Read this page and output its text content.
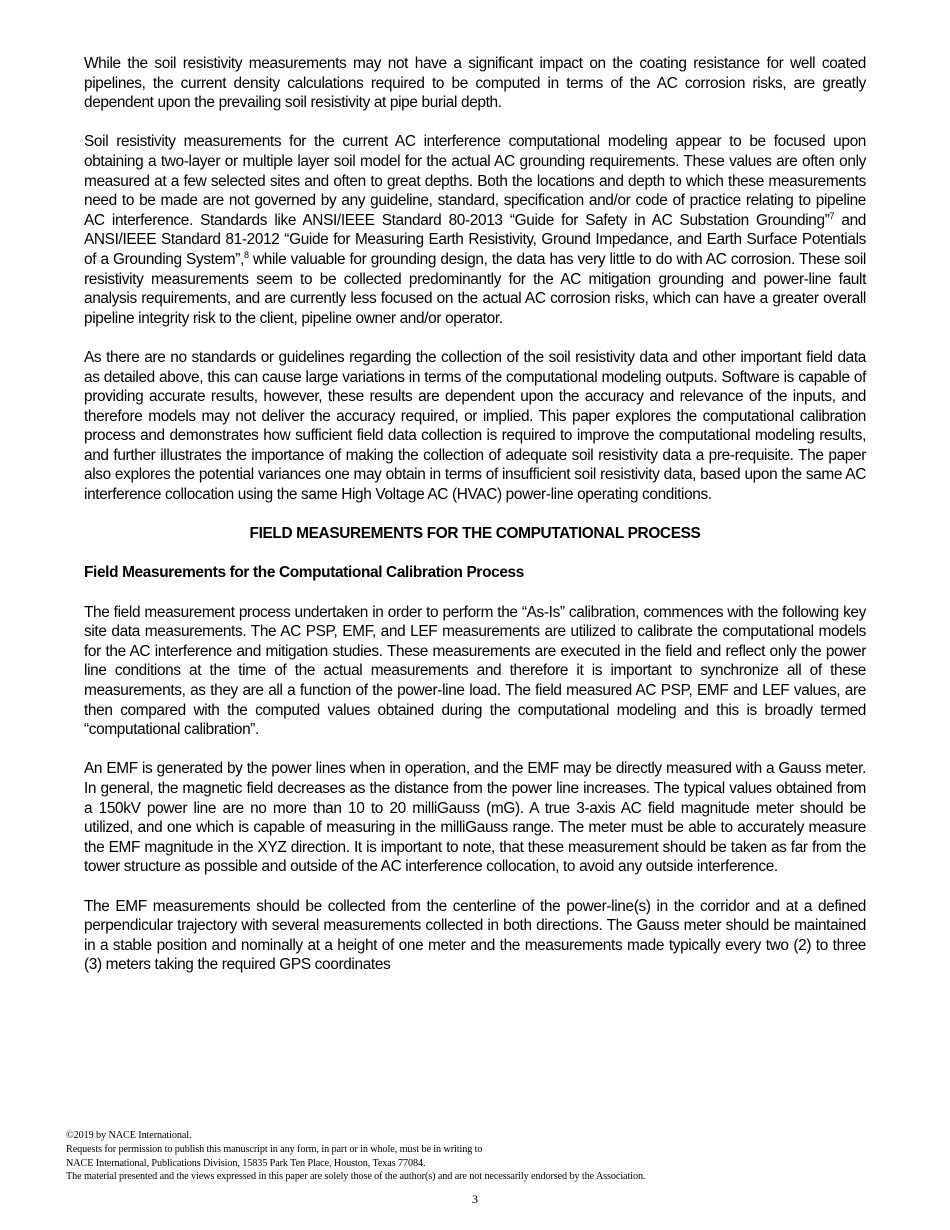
While the soil resistivity measurements may not have a significant impact on the coating resistance for well coated pipelines, the current density calculations required to be computed in terms of the AC corrosion risks, are greatly dependent upon the prevailing soil resistivity at pipe burial depth.

Soil resistivity measurements for the current AC interference computational modeling appear to be focused upon obtaining a two-layer or multiple layer soil model for the actual AC grounding requirements. These values are often only measured at a few selected sites and often to great depths. Both the locations and depth to which these measurements need to be made are not governed by any guideline, standard, specification and/or code of practice relating to pipeline AC interference. Standards like ANSI/IEEE Standard 80-2013 “Guide for Safety in AC Substation Grounding”$^7$ and ANSI/IEEE Standard 81-2012 “Guide for Measuring Earth Resistivity, Ground Impedance, and Earth Surface Potentials of a Grounding System”,$^8$ while valuable for grounding design, the data has very little to do with AC corrosion. These soil resistivity measurements seem to be collected predominantly for the AC mitigation grounding and power-line fault analysis requirements, and are currently less focused on the actual AC corrosion risks, which can have a greater overall pipeline integrity risk to the client, pipeline owner and/or operator.

As there are no standards or guidelines regarding the collection of the soil resistivity data and other important field data as detailed above, this can cause large variations in terms of the computational modeling outputs. Software is capable of providing accurate results, however, these results are dependent upon the accuracy and relevance of the inputs, and therefore models may not deliver the accuracy required, or implied. This paper explores the computational calibration process and demonstrates how sufficient field data collection is required to improve the computational modeling results, and further illustrates the importance of making the collection of adequate soil resistivity data a pre-requisite. The paper also explores the potential variances one may obtain in terms of insufficient soil resistivity data, based upon the same AC interference collocation using the same High Voltage AC (HVAC) power-line operating conditions.

FIELD MEASUREMENTS FOR THE COMPUTATIONAL PROCESS
Field Measurements for the Computational Calibration Process

The field measurement process undertaken in order to perform the “As-Is” calibration, commences with the following key site data measurements. The AC PSP, EMF, and LEF measurements are utilized to calibrate the computational models for the AC interference and mitigation studies. These measurements are executed in the field and reflect only the power line conditions at the time of the actual measurements and therefore it is important to synchronize all of these measurements, as they are all a function of the power-line load. The field measured AC PSP, EMF and LEF values, are then compared with the computed values obtained during the computational modeling and this is broadly termed “computational calibration”.

An EMF is generated by the power lines when in operation, and the EMF may be directly measured with a Gauss meter. In general, the magnetic field decreases as the distance from the power line increases. The typical values obtained from a 150kV power line are no more than 10 to 20 milliGauss (mG). A true 3-axis AC field magnitude meter should be utilized, and one which is capable of measuring in the milliGauss range. The meter must be able to accurately measure the EMF magnitude in the XYZ direction. It is important to note, that these measurement should be taken as far from the tower structure as possible and outside of the AC interference collocation, to avoid any outside interference.

The EMF measurements should be collected from the centerline of the power-line(s) in the corridor and at a defined perpendicular trajectory with several measurements collected in both directions. The Gauss meter should be maintained in a stable position and nominally at a height of one meter and the measurements made typically every two (2) to three (3) meters taking the required GPS coordinates

©2019 by NACE International.
Requests for permission to publish this manuscript in any form, in part or in whole, must be in writing to
NACE International, Publications Division, 15835 Park Ten Place, Houston, Texas 77084.
The material presented and the views expressed in this paper are solely those of the author(s) and are not necessarily endorsed by the Association.
3
